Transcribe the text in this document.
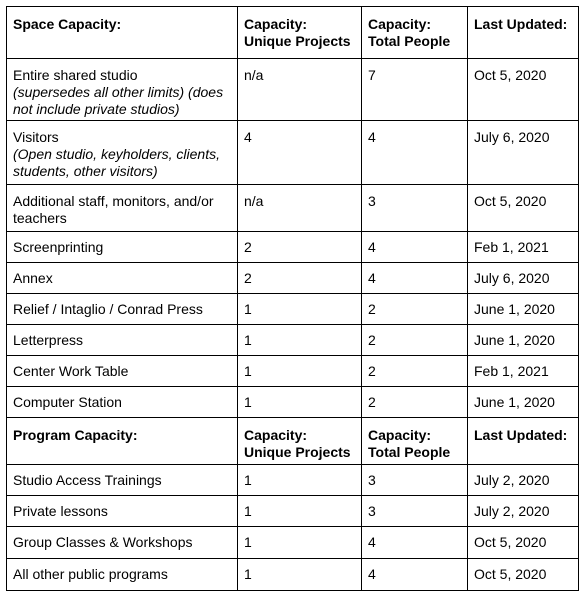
Space Capacity:	Capacity: Unique Projects	Capacity: Total People	Last Updated:

Entire shared studio
(supersedes all other limits) (does not include private studios)	n/a	7	Oct 5, 2020

Visitors
(Open studio, keyholders, clients, students, other visitors)	4	4	July 6, 2020
Additional staff, monitors, and/or teachers	n/a	3	Oct 5, 2020
Screenprinting	2	4	Feb 1, 2021
Annex	2	4	July 6, 2020
Relief / Intaglio / Conrad Press	1	2	June 1, 2020
Letterpress	1	2	June 1, 2020
Center Work Table	1	2	Feb 1, 2021
Computer Station	1	2	June 1, 2020
Program Capacity:	Capacity: Unique Projects	Capacity: Total People	Last Updated:
Studio Access Trainings	1	3	July 2, 2020
Private lessons	1	3	July 2, 2020
Group Classes & Workshops	1	4	Oct 5, 2020
All other public programs	1	4	Oct 5, 2020
